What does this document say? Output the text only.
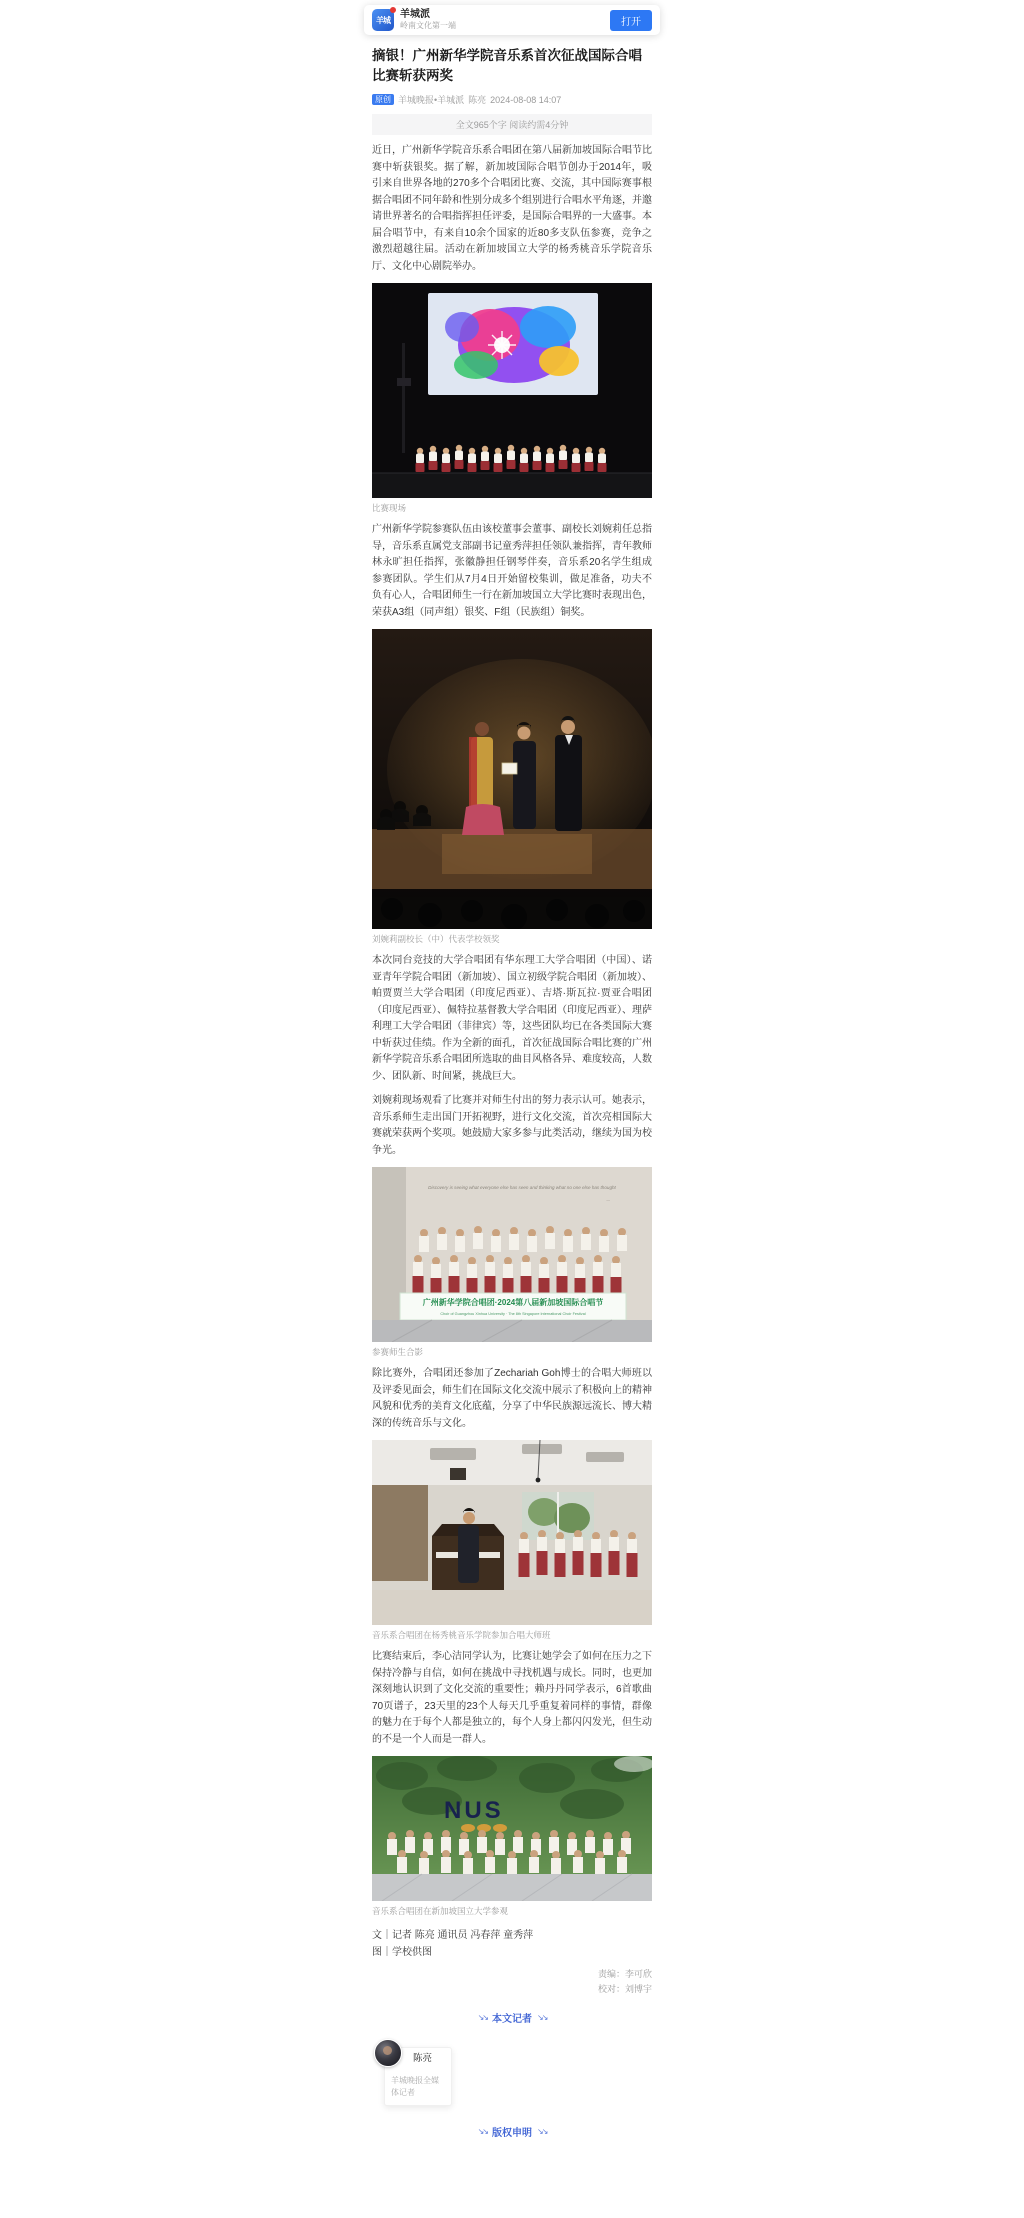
羊城 羊城派
岭南文化第一端	打开
摘银！广州新华学院音乐系首次征战国际合唱比赛斩获两奖
原创 羊城晚报•羊城派 陈亮 2024-08-08 14:07
全文965个字 阅读约需4分钟

近日，广州新华学院音乐系合唱团在第八届新加坡国际合唱节比赛中斩获银奖。据了解，新加坡国际合唱节创办于2014年，吸引来自世界各地的270多个合唱团比赛、交流，其中国际赛事根据合唱团不同年龄和性别分成多个组别进行合唱水平角逐，并邀请世界著名的合唱指挥担任评委，是国际合唱界的一大盛事。本届合唱节中，有来自10余个国家的近80多支队伍参赛，竞争之激烈超越往届。活动在新加坡国立大学的杨秀桃音乐学院音乐厅、文化中心剧院举办。

比赛现场

广州新华学院参赛队伍由该校董事会董事、副校长刘婉莉任总指导，音乐系直属党支部副书记童秀萍担任领队兼指挥，青年教师林永旷担任指挥，张徽静担任钢琴伴奏，音乐系20名学生组成参赛团队。学生们从7月4日开始留校集训，做足准备，功夫不负有心人，合唱团师生一行在新加坡国立大学比赛时表现出色，荣获A3组（同声组）银奖、F组（民族组）铜奖。

刘婉莉副校长（中）代表学校领奖

本次同台竞技的大学合唱团有华东理工大学合唱团（中国）、诺亚青年学院合唱团（新加坡）、国立初级学院合唱团（新加坡）、帕贾贾兰大学合唱团（印度尼西亚）、吉塔·斯瓦拉·贾亚合唱团（印度尼西亚）、佩特拉基督教大学合唱团（印度尼西亚）、理萨利理工大学合唱团（菲律宾）等，这些团队均已在各类国际大赛中斩获过佳绩。作为全新的面孔，首次征战国际合唱比赛的广州新华学院音乐系合唱团所选取的曲目风格各异、难度较高，人数少、团队新、时间紧，挑战巨大。

刘婉莉现场观看了比赛并对师生付出的努力表示认可。她表示，音乐系师生走出国门开拓视野，进行文化交流，首次亮相国际大赛就荣获两个奖项。她鼓励大家多参与此类活动，继续为国为校争光。

Discovery is seeing what everyone else has seen and thinking what no one else has thought
—
广州新华学院合唱团·2024第八届新加坡国际合唱节
Choir of Guangzhou Xinhua University · The 8th Singapore International Choir Festival
参赛师生合影

除比赛外，合唱团还参加了Zechariah Goh博士的合唱大师班以及评委见面会，师生们在国际文化交流中展示了积极向上的精神风貌和优秀的美育文化底蕴，分享了中华民族源远流长、博大精深的传统音乐与文化。

音乐系合唱团在杨秀桃音乐学院参加合唱大师班

比赛结束后，李心洁同学认为，比赛让她学会了如何在压力之下保持冷静与自信，如何在挑战中寻找机遇与成长。同时，也更加深刻地认识到了文化交流的重要性；赖丹丹同学表示，6首歌曲70页谱子，23天里的23个人每天几乎重复着同样的事情，群像的魅力在于每个人都是独立的，每个人身上都闪闪发光，但生动的不是一个人而是一群人。

NUS
音乐系合唱团在新加坡国立大学参观
文｜记者 陈亮 通讯员 冯春萍 童秀萍
图｜学校供图
责编：李可欣
校对：刘博宇
↘↘ 本文记者 ↘↘
陈亮
羊城晚报全媒体记者
↘↘ 版权申明 ↘↘
